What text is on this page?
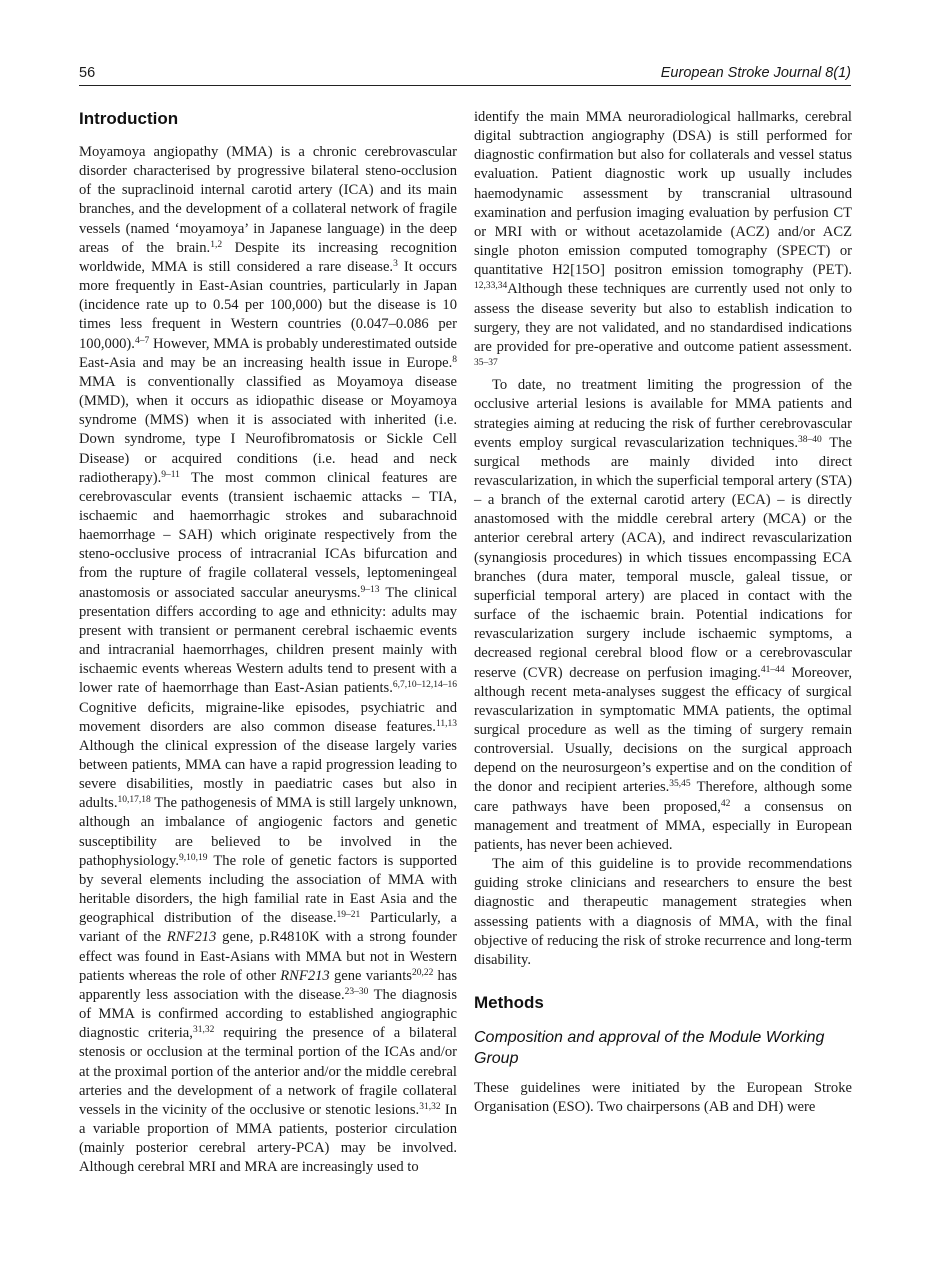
56	European Stroke Journal 8(1)
Introduction

Moyamoya angiopathy (MMA) is a chronic cerebrovascular disorder characterised by progressive bilateral steno-occlusion of the supraclinoid internal carotid artery (ICA) and its main branches, and the development of a collateral network of fragile vessels (named ‘moyamoya’ in Japanese language) in the deep areas of the brain.$^{1,2}$ Despite its increasing recognition worldwide, MMA is still considered a rare disease.$^3$ It occurs more frequently in East-Asian countries, particularly in Japan (incidence rate up to 0.54 per 100,000) but the disease is 10 times less frequent in Western countries (0.047–0.086 per 100,000).$^{4-7}$ However, MMA is probably underestimated outside East-Asia and may be an increasing health issue in Europe.$^8$ MMA is conventionally classified as Moyamoya disease (MMD), when it occurs as idiopathic disease or Moyamoya syndrome (MMS) when it is associated with inherited (i.e. Down syndrome, type I Neurofibromatosis or Sickle Cell Disease) or acquired conditions (i.e. head and neck radiotherapy).$^{9-11}$ The most common clinical features are cerebrovascular events (transient ischaemic attacks – TIA, ischaemic and haemorrhagic strokes and subarachnoid haemorrhage – SAH) which originate respectively from the steno-occlusive process of intracranial ICAs bifurcation and from the rupture of fragile collateral vessels, leptomeningeal anastomosis or associated saccular aneurysms.$^{9-13}$ The clinical presentation differs according to age and ethnicity: adults may present with transient or permanent cerebral ischaemic events and intracranial haemorrhages, children present mainly with ischaemic events whereas Western adults tend to present with a lower rate of haemorrhage than East-Asian patients.$^{6,7,10-12,14-16}$ Cognitive deficits, migraine-like episodes, psychiatric and movement disorders are also common disease features.$^{11,13}$ Although the clinical expression of the disease largely varies between patients, MMA can have a rapid progression leading to severe disabilities, mostly in paediatric cases but also in adults.$^{10,17,18}$ The pathogenesis of MMA is still largely unknown, although an imbalance of angiogenic factors and genetic susceptibility are believed to be involved in the pathophysiology.$^{9,10,19}$ The role of genetic factors is supported by several elements including the association of MMA with heritable disorders, the high familial rate in East Asia and the geographical distribution of the disease.$^{19-21}$ Particularly, a variant of the RNF213 gene, p.R4810K with a strong founder effect was found in East-Asians with MMA but not in Western patients whereas the role of other RNF213 gene variants$^{20,22}$ has apparently less association with the disease.$^{23-30}$ The diagnosis of MMA is confirmed according to established angiographic diagnostic criteria,$^{31,32}$ requiring the presence of a bilateral stenosis or occlusion at the terminal portion of the ICAs and/or at the proximal portion of the anterior and/or the middle cerebral arteries and the development of a network of fragile collateral vessels in the vicinity of the occlusive or stenotic lesions.$^{31,32}$ In a variable proportion of MMA patients, posterior circulation (mainly posterior cerebral artery-PCA) may be involved. Although cerebral MRI and MRA are increasingly used to

identify the main MMA neuroradiological hallmarks, cerebral digital subtraction angiography (DSA) is still performed for diagnostic confirmation but also for collaterals and vessel status evaluation. Patient diagnostic work up usually includes haemodynamic assessment by transcranial ultrasound examination and perfusion imaging evaluation by perfusion CT or MRI with or without acetazolamide (ACZ) and/or ACZ single photon emission computed tomography (SPECT) or quantitative H2[15O] positron emission tomography (PET). $^{12,33,34}$Although these techniques are currently used not only to assess the disease severity but also to establish indication to surgery, they are not validated, and no standardised indications are provided for pre-operative and outcome patient assessment. $^{35-37}$

To date, no treatment limiting the progression of the occlusive arterial lesions is available for MMA patients and strategies aiming at reducing the risk of further cerebrovascular events employ surgical revascularization techniques.$^{38-40}$ The surgical methods are mainly divided into direct revascularization, in which the superficial temporal artery (STA) – a branch of the external carotid artery (ECA) – is directly anastomosed with the middle cerebral artery (MCA) or the anterior cerebral artery (ACA), and indirect revascularization (synangiosis procedures) in which tissues encompassing ECA branches (dura mater, temporal muscle, galeal tissue, or superficial temporal artery) are placed in contact with the surface of the ischaemic brain. Potential indications for revascularization surgery include ischaemic symptoms, a decreased regional cerebral blood flow or a cerebrovascular reserve (CVR) decrease on perfusion imaging.$^{41-44}$ Moreover, although recent meta-analyses suggest the efficacy of surgical revascularization in symptomatic MMA patients, the optimal surgical procedure as well as the timing of surgery remain controversial. Usually, decisions on the surgical approach depend on the neurosurgeon’s expertise and on the condition of the donor and recipient arteries.$^{35,45}$ Therefore, although some care pathways have been proposed,$^{42}$ a consensus on management and treatment of MMA, especially in European patients, has never been achieved.

The aim of this guideline is to provide recommendations guiding stroke clinicians and researchers to ensure the best diagnostic and therapeutic management strategies when assessing patients with a diagnosis of MMA, with the final objective of reducing the risk of stroke recurrence and long-term disability.

Methods
Composition and approval of the Module Working Group

These guidelines were initiated by the European Stroke Organisation (ESO). Two chairpersons (AB and DH) were
